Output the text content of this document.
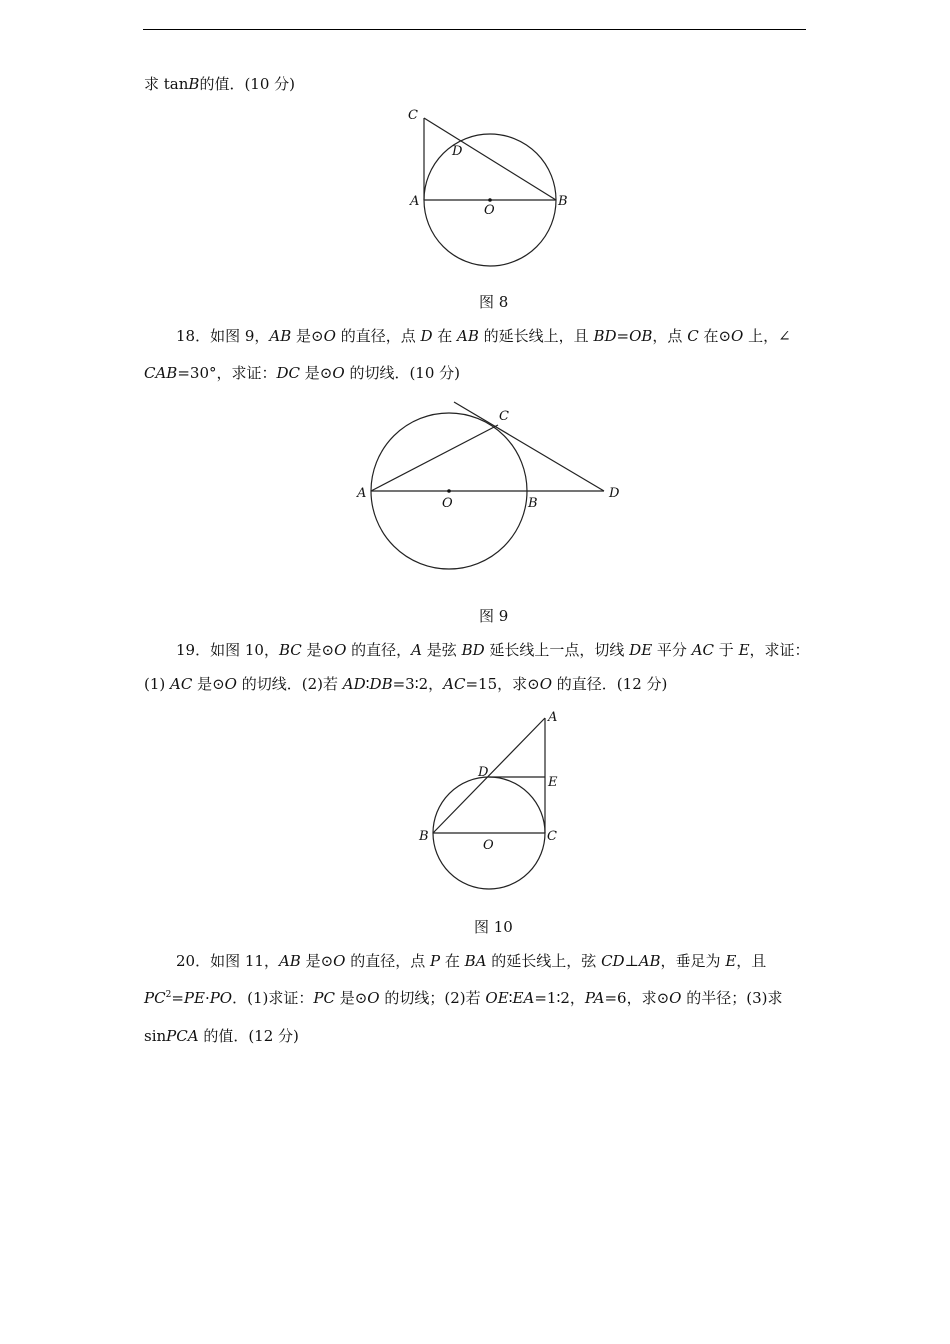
求 tanB的值．(10 分)
C
D
A
O
B
图 8
18．如图 9，AB 是⊙O 的直径，点 D 在 AB 的延长线上，且 BD=OB，点 C 在⊙O 上，∠
CAB=30°，求证：DC 是⊙O 的切线．(10 分)
C
A
O	B
D
图 9
19．如图 10，BC 是⊙O 的直径，A 是弦 BD 延长线上一点，切线 DE 平分 AC 于 E，求证：
(1) AC 是⊙O 的切线．(2)若 AD∶DB=3∶2，AC=15，求⊙O 的直径．(12 分)
A
D
E
B
O
C
图 10
20．如图 11，AB 是⊙O 的直径，点 P 在 BA 的延长线上，弦 CD⊥AB，垂足为 E，且
$PC^2=PE\cdot PO$．(1)求证：PC 是⊙O 的切线；(2)若 OE∶EA=1∶2，PA=6，求⊙O 的半径；(3)求
sinPCA 的值．(12 分)
